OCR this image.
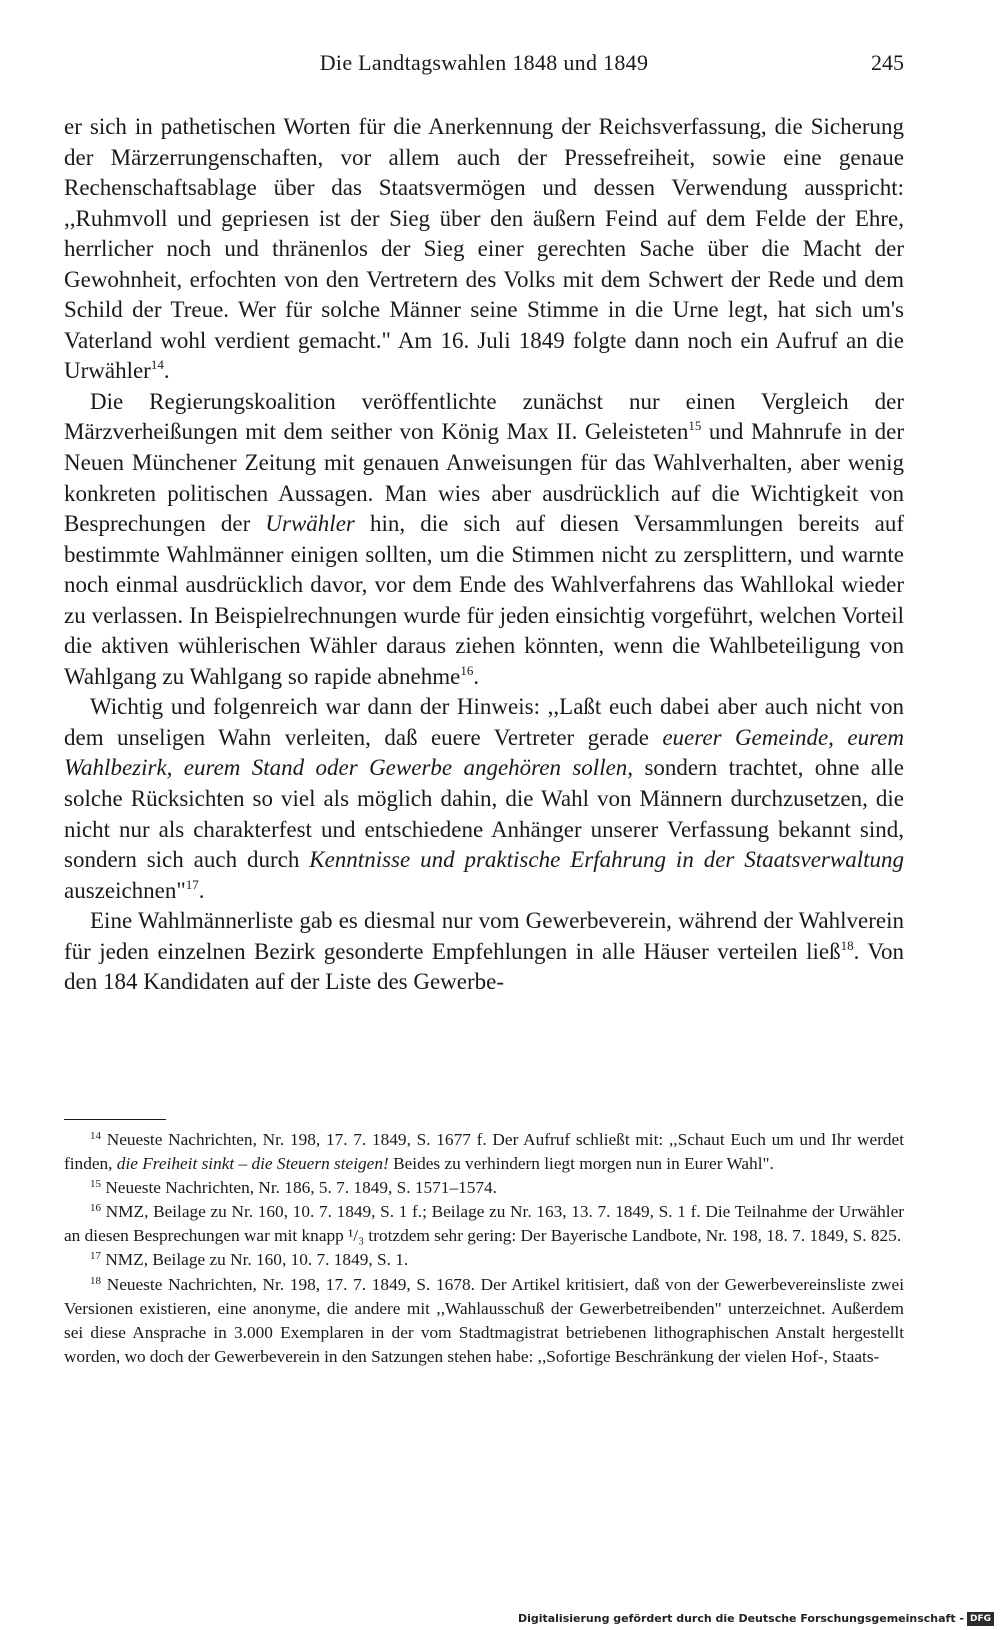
Die Landtagswahlen 1848 und 1849	245

er sich in pathetischen Worten für die Anerkennung der Reichsverfassung, die Sicherung der Märzerrungenschaften, vor allem auch der Pressefreiheit, sowie eine genaue Rechenschaftsablage über das Staatsvermögen und dessen Verwendung ausspricht: ,,Ruhmvoll und gepriesen ist der Sieg über den äußern Feind auf dem Felde der Ehre, herrlicher noch und thränenlos der Sieg einer gerechten Sache über die Macht der Gewohnheit, erfochten von den Vertretern des Volks mit dem Schwert der Rede und dem Schild der Treue. Wer für solche Männer seine Stimme in die Urne legt, hat sich um's Vaterland wohl verdient gemacht." Am 16. Juli 1849 folgte dann noch ein Aufruf an die Urwähler$^{14}$.

Die Regierungskoalition veröffentlichte zunächst nur einen Vergleich der Märzverheißungen mit dem seither von König Max II. Geleisteten$^{15}$ und Mahnrufe in der Neuen Münchener Zeitung mit genauen Anweisungen für das Wahlverhalten, aber wenig konkreten politischen Aussagen. Man wies aber ausdrücklich auf die Wichtigkeit von Besprechungen der Urwähler hin, die sich auf diesen Versammlungen bereits auf bestimmte Wahlmänner einigen sollten, um die Stimmen nicht zu zersplittern, und warnte noch einmal ausdrücklich davor, vor dem Ende des Wahlverfahrens das Wahllokal wieder zu verlassen. In Beispielrechnungen wurde für jeden einsichtig vorgeführt, welchen Vorteil die aktiven wühlerischen Wähler daraus ziehen könnten, wenn die Wahlbeteiligung von Wahlgang zu Wahlgang so rapide abnehme$^{16}$.

Wichtig und folgenreich war dann der Hinweis: ,,Laßt euch dabei aber auch nicht von dem unseligen Wahn verleiten, daß euere Vertreter gerade euerer Gemeinde, eurem Wahlbezirk, eurem Stand oder Gewerbe angehören sollen, sondern trachtet, ohne alle solche Rücksichten so viel als möglich dahin, die Wahl von Männern durchzusetzen, die nicht nur als charakterfest und entschiedene Anhänger unserer Verfassung bekannt sind, sondern sich auch durch Kenntnisse und praktische Erfahrung in der Staatsverwaltung auszeichnen"$^{17}$.

Eine Wahlmännerliste gab es diesmal nur vom Gewerbeverein, während der Wahlverein für jeden einzelnen Bezirk gesonderte Empfehlungen in alle Häuser verteilen ließ$^{18}$. Von den 184 Kandidaten auf der Liste des Gewerbe-

$^{14}$ Neueste Nachrichten, Nr. 198, 17. 7. 1849, S. 1677 f. Der Aufruf schließt mit: ,,Schaut Euch um und Ihr werdet finden, die Freiheit sinkt – die Steuern steigen! Beides zu verhindern liegt morgen nun in Eurer Wahl".

$^{15}$ Neueste Nachrichten, Nr. 186, 5. 7. 1849, S. 1571–1574.

$^{16}$ NMZ, Beilage zu Nr. 160, 10. 7. 1849, S. 1 f.; Beilage zu Nr. 163, 13. 7. 1849, S. 1 f. Die Teilnahme der Urwähler an diesen Besprechungen war mit knapp ¹/₃ trotzdem sehr gering: Der Bayerische Landbote, Nr. 198, 18. 7. 1849, S. 825.

$^{17}$ NMZ, Beilage zu Nr. 160, 10. 7. 1849, S. 1.

$^{18}$ Neueste Nachrichten, Nr. 198, 17. 7. 1849, S. 1678. Der Artikel kritisiert, daß von der Gewerbevereinsliste zwei Versionen existieren, eine anonyme, die andere mit ,,Wahlausschuß der Gewerbetreibenden" unterzeichnet. Außerdem sei diese Ansprache in 3.000 Exemplaren in der vom Stadtmagistrat betriebenen lithographischen Anstalt hergestellt worden, wo doch der Gewerbeverein in den Satzungen stehen habe: ,,Sofortige Beschränkung der vielen Hof-, Staats-

Digitalisierung gefördert durch die Deutsche Forschungsgemeinschaft - DFG
